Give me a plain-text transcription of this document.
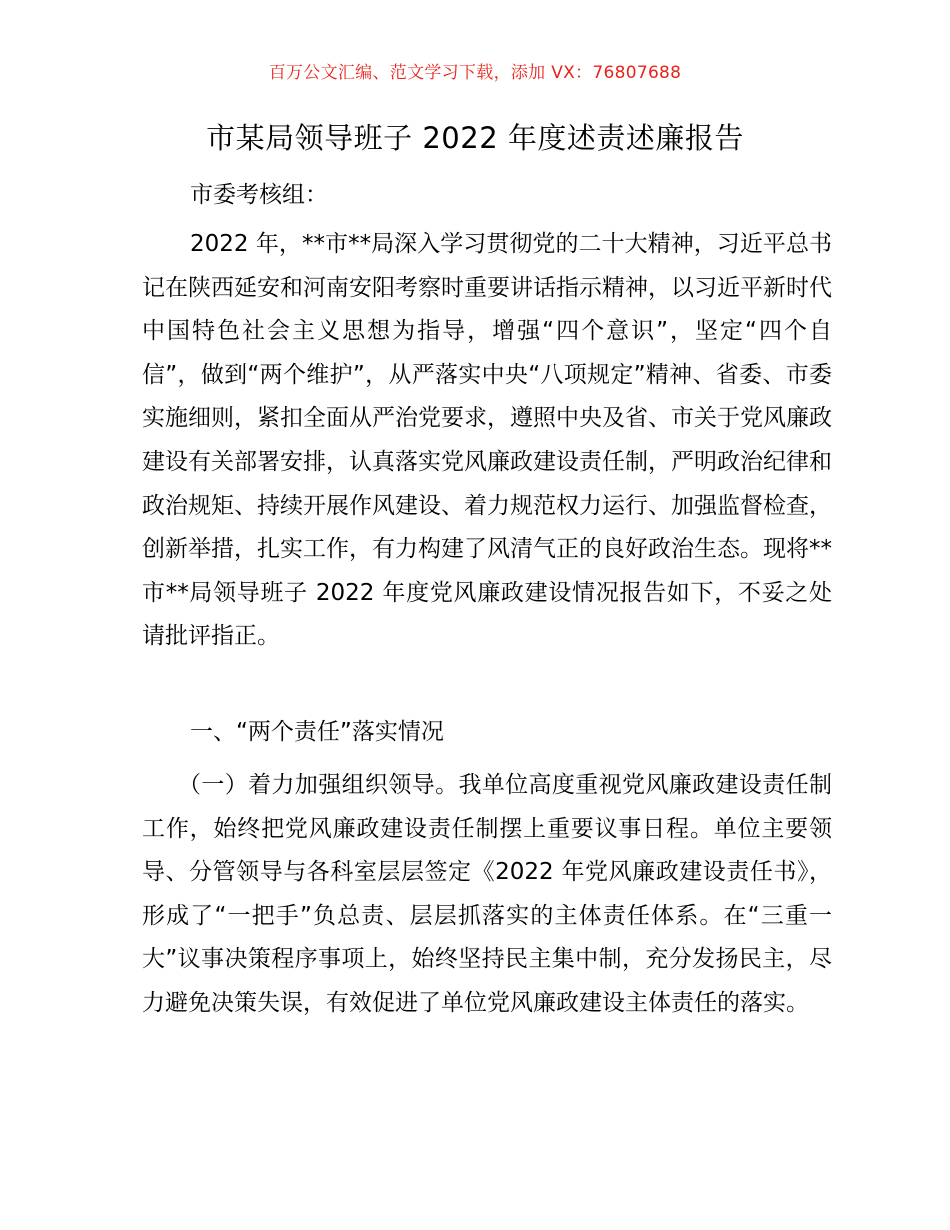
百万公文汇编、范文学习下载，添加 VX：76807688
市某局领导班子 2022 年度述责述廉报告
市委考核组：
2022 年，**市**局深入学习贯彻党的二十大精神，习近平总书记在陕西延安和河南安阳考察时重要讲话指示精神，以习近平新时代中国特色社会主义思想为指导，增强“四个意识”，坚定“四个自信”，做到“两个维护”，从严落实中央“八项规定”精神、省委、市委实施细则，紧扣全面从严治党要求，遵照中央及省、市关于党风廉政建设有关部署安排，认真落实党风廉政建设责任制，严明政治纪律和政治规矩、持续开展作风建设、着力规范权力运行、加强监督检查，创新举措，扎实工作，有力构建了风清气正的良好政治生态。现将**市**局领导班子 2022 年度党风廉政建设情况报告如下，不妥之处请批评指正。
一、“两个责任”落实情况
（一）着力加强组织领导。我单位高度重视党风廉政建设责任制工作，始终把党风廉政建设责任制摆上重要议事日程。单位主要领导、分管领导与各科室层层签定《2022 年党风廉政建设责任书》，形成了“一把手”负总责、层层抓落实的主体责任体系。在“三重一大”议事决策程序事项上，始终坚持民主集中制，充分发扬民主，尽力避免决策失误，有效促进了单位党风廉政建设主体责任的落实。
